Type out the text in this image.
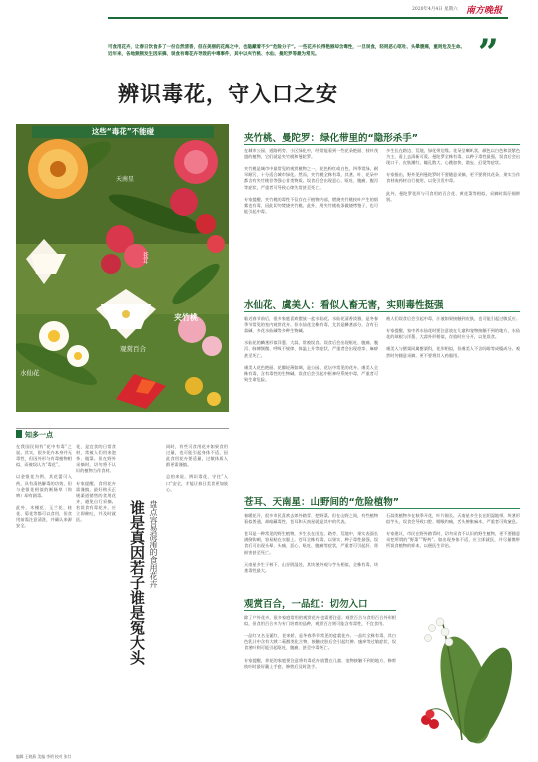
2020年4月4日 星期六 南方晚报
可食用花卉，让春日饮食多了一份自然清香，但在美丽的花海之中，也隐藏着不少“危险分子”。一些花卉长得艳丽却含毒性，一旦误食，轻则恶心呕吐、头晕腹痛，重则危及生命。近年来，各地频频发生因采摘、误食有毒花卉导致的中毒事件，其中以夹竹桃、水仙、曼陀罗等最为常见。	”
辨识毒花，守入口之安
这些“毒花”不能碰
天南星
苍耳
夹竹桃
观赏百合
水仙花
夹竹桃、曼陀罗：绿化带里的“隐形杀手”
在城市公园、道路两旁、小区绿化中，经常能看到一些花朵艳丽、枝叶茂盛的植物，它们就是夹竹桃和曼陀罗。

夹竹桃是城市中最常见的观赏植物之一，花色粉红或白色，四季常绿，耐旱耐污，十分适合城市绿化。然而，夹竹桃全株有毒，其茎、叶、花朵中都含有夹竹桃苷等强心苷类物质。误食后会出现恶心、呕吐、腹痛、腹泻等症状，严重者可导致心律失常甚至死亡。

专家提醒，夹竹桃的毒性不仅存在于植物内部，燃烧夹竹桃枝叶产生的烟雾也有毒，因此切勿焚烧夹竹桃。此外，用夹竹桃枝条做烧烤签子，也可能引起中毒。
多生长在路边、荒地，绿化带边缘。花朵呈喇叭状，颜色以白色和淡紫色为主，看上去清新可爱。曼陀罗全株有毒，以种子毒性最强，误食后会出现口干、皮肤潮红、瞳孔散大、心跳加快、谵妄、幻觉等症状。

专家指出，野外见到曼陀罗时不要随意采摘，更不要将其花朵、果实当作食材或药材自行使用，以免引发中毒。

此外，曼陀罗花形与可食用的百合花、黄花菜等相似，采摘时需仔细辨别。
水仙花、虞美人：看似人畜无害，实则毒性挺强
临近春节前后，很多家庭喜欢摆放一盆水仙花。水仙花清香淡雅，是冬春季节常见的室内观赏花卉。但水仙花全株有毒，尤其是鳞茎部分，含有石蒜碱、多花水仙碱等多种生物碱。

水仙花的鳞茎形似洋葱、大蒜，常被误食。误食后会出现呕吐、腹痛、腹泻、脉搏频微、呼吸不规律、体温上升等症状，严重者会出现痉挛、麻痹甚至死亡。

虞美人花色艳丽，花瓣轻薄如绸，是公园、花坛中常见的花卉。虞美人全株有毒，含有毒性的生物碱，误食后会引起中枢神经系统中毒，严重者可致生命危险。
被人们误食后会引起中毒，汁液如果接触到皮肤，也可能引起过敏反应。

专家提醒，家中养水仙花时要注意放在儿童和宠物接触不到的地方，水仙花的球根与洋葱、大蒜外形相似，存放时应分开，以免误食。

虞美人与罂粟同属罂粟科，花形相似，但虞美人不含吗啡等成瘾成分。观赏时勿随意采摘，更不要将其入药服用。
苍耳、天南星：山野间的“危险植物”
春暖花开，很多市民喜欢去郊外踏青、挖野菜。但在山野之间，有些植物看似普通，却暗藏毒性，苍耳和天南星就是其中的代表。

苍耳是一种常见的野生植物，多生长在田边、路旁、荒地中，果实表面长满倒钩刺，容易粘在衣服上。苍耳全株有毒，以果实、种子毒性最强，误食后可出现头晕、头痛、恶心、呕吐、腹痛等症状，严重者可引起肝、肾损害甚至死亡。

天南星多生于林下、山谷阴湿处，其块茎外观与芋头相似，全株有毒，块茎毒性最大。
石蒜类植物多在秋季开花，叶片细长。天南星多生长在阴湿地带，块茎形似芋头，误食会导致口腔、咽喉灼痛，舌头肿胀麻木，严重者可致窒息。

专家建议，市民在野外踏青时，切勿采食不认识的野生植物，更不要随意采挖所谓的“野菜”“野药”。如出现身体不适，应立即就医，并尽量携带所误食植物的样本，以便医生诊治。
观赏百合，一品红：切勿入口
除了户外花卉，很多家庭常用的观赏花卉也需要注意。观赏百合与食用百合外形相似，但食用百合多为专门培育的品种，观赏百合则可能含有毒性，不宜食用。

一品红又名圣诞红、老来娇，是冬春季节常见的盆栽花卉。一品红全株有毒，其白色乳汁中含有大戟二萜醇类化合物，接触皮肤后会引起红肿、瘙痒等过敏症状，误食茎叶则可能引起呕吐、腹痛，甚至中毒死亡。

专家提醒，养花的家庭要注意将有毒花卉放置在儿童、宠物接触不到的地方，修剪枝叶时最好戴上手套，修剪后及时洗手。
知多一点
在我国民间有“花中有毒”之说。其实，很多花卉本身并无毒性，但因外形与有毒植物相似，而被误认为“毒花”。

以金银花为例，其花蕾可入药，具有清热解毒的功效，但与金银花相似的断肠草（钩吻）却有剧毒。

此外，木槿花、玉兰花、桂花、菊花等都可以食用，但食用前需注意清洗，并确认来源安全。
花，是宜食的日常食材，常被人们用来泡茶、做菜。但在野外采摘时，切勿将不认识的植物当作食材。

专家提醒，食用花卉需谨慎，最好购买正规渠道销售的食用花卉，避免自行采摘。若误食有毒花卉，应立即催吐，并及时就医。	谁是真因若子谁是冤大头
盘点容易混淆的食用花卉
同时，有些可食用花卉如果食用过量，也可能引起身体不适，因此食用花卉要适量，过敏体质人群更需谨慎。

总的来说，辨识毒花、守住“入口”安全，才能让春日美食更加放心。
编辑 王晓燕 美编 李明 校对 张红
